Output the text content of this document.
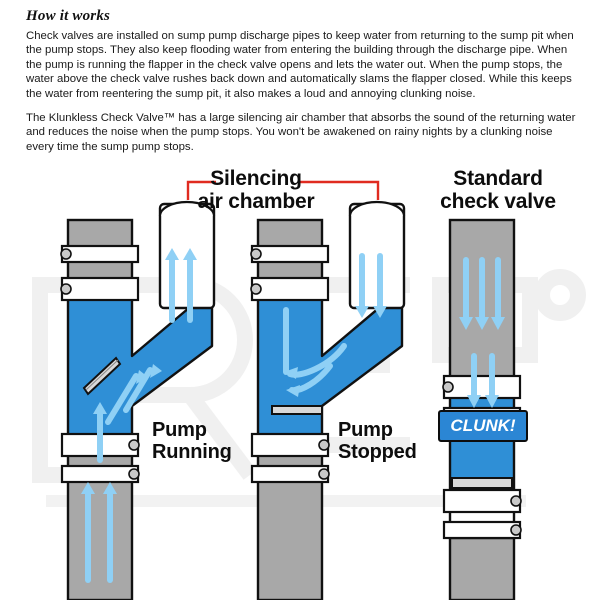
How it works

Check valves are installed on sump pump discharge pipes to keep water from returning to the sump pit when the pump stops. They also keep flooding water from entering the building through the discharge pipe. When the pump is running the flapper in the check valve opens and lets the water out. When the pump stops, the water above the check valve rushes back down and automatically slams the flapper closed. While this keeps the water from reentering the sump pit, it also makes a loud and annoying clunking noise.

The Klunkless Check Valve™ has a large silencing air chamber that absorbs the sound of the returning water and reduces the noise when the pump stops. You won't be awakened on rainy nights by a clunking noise every time the sump pump stops.

Silencing
air chamber
Standard
check valve
Pump
Running
Pump
Stopped
CLUNK!
